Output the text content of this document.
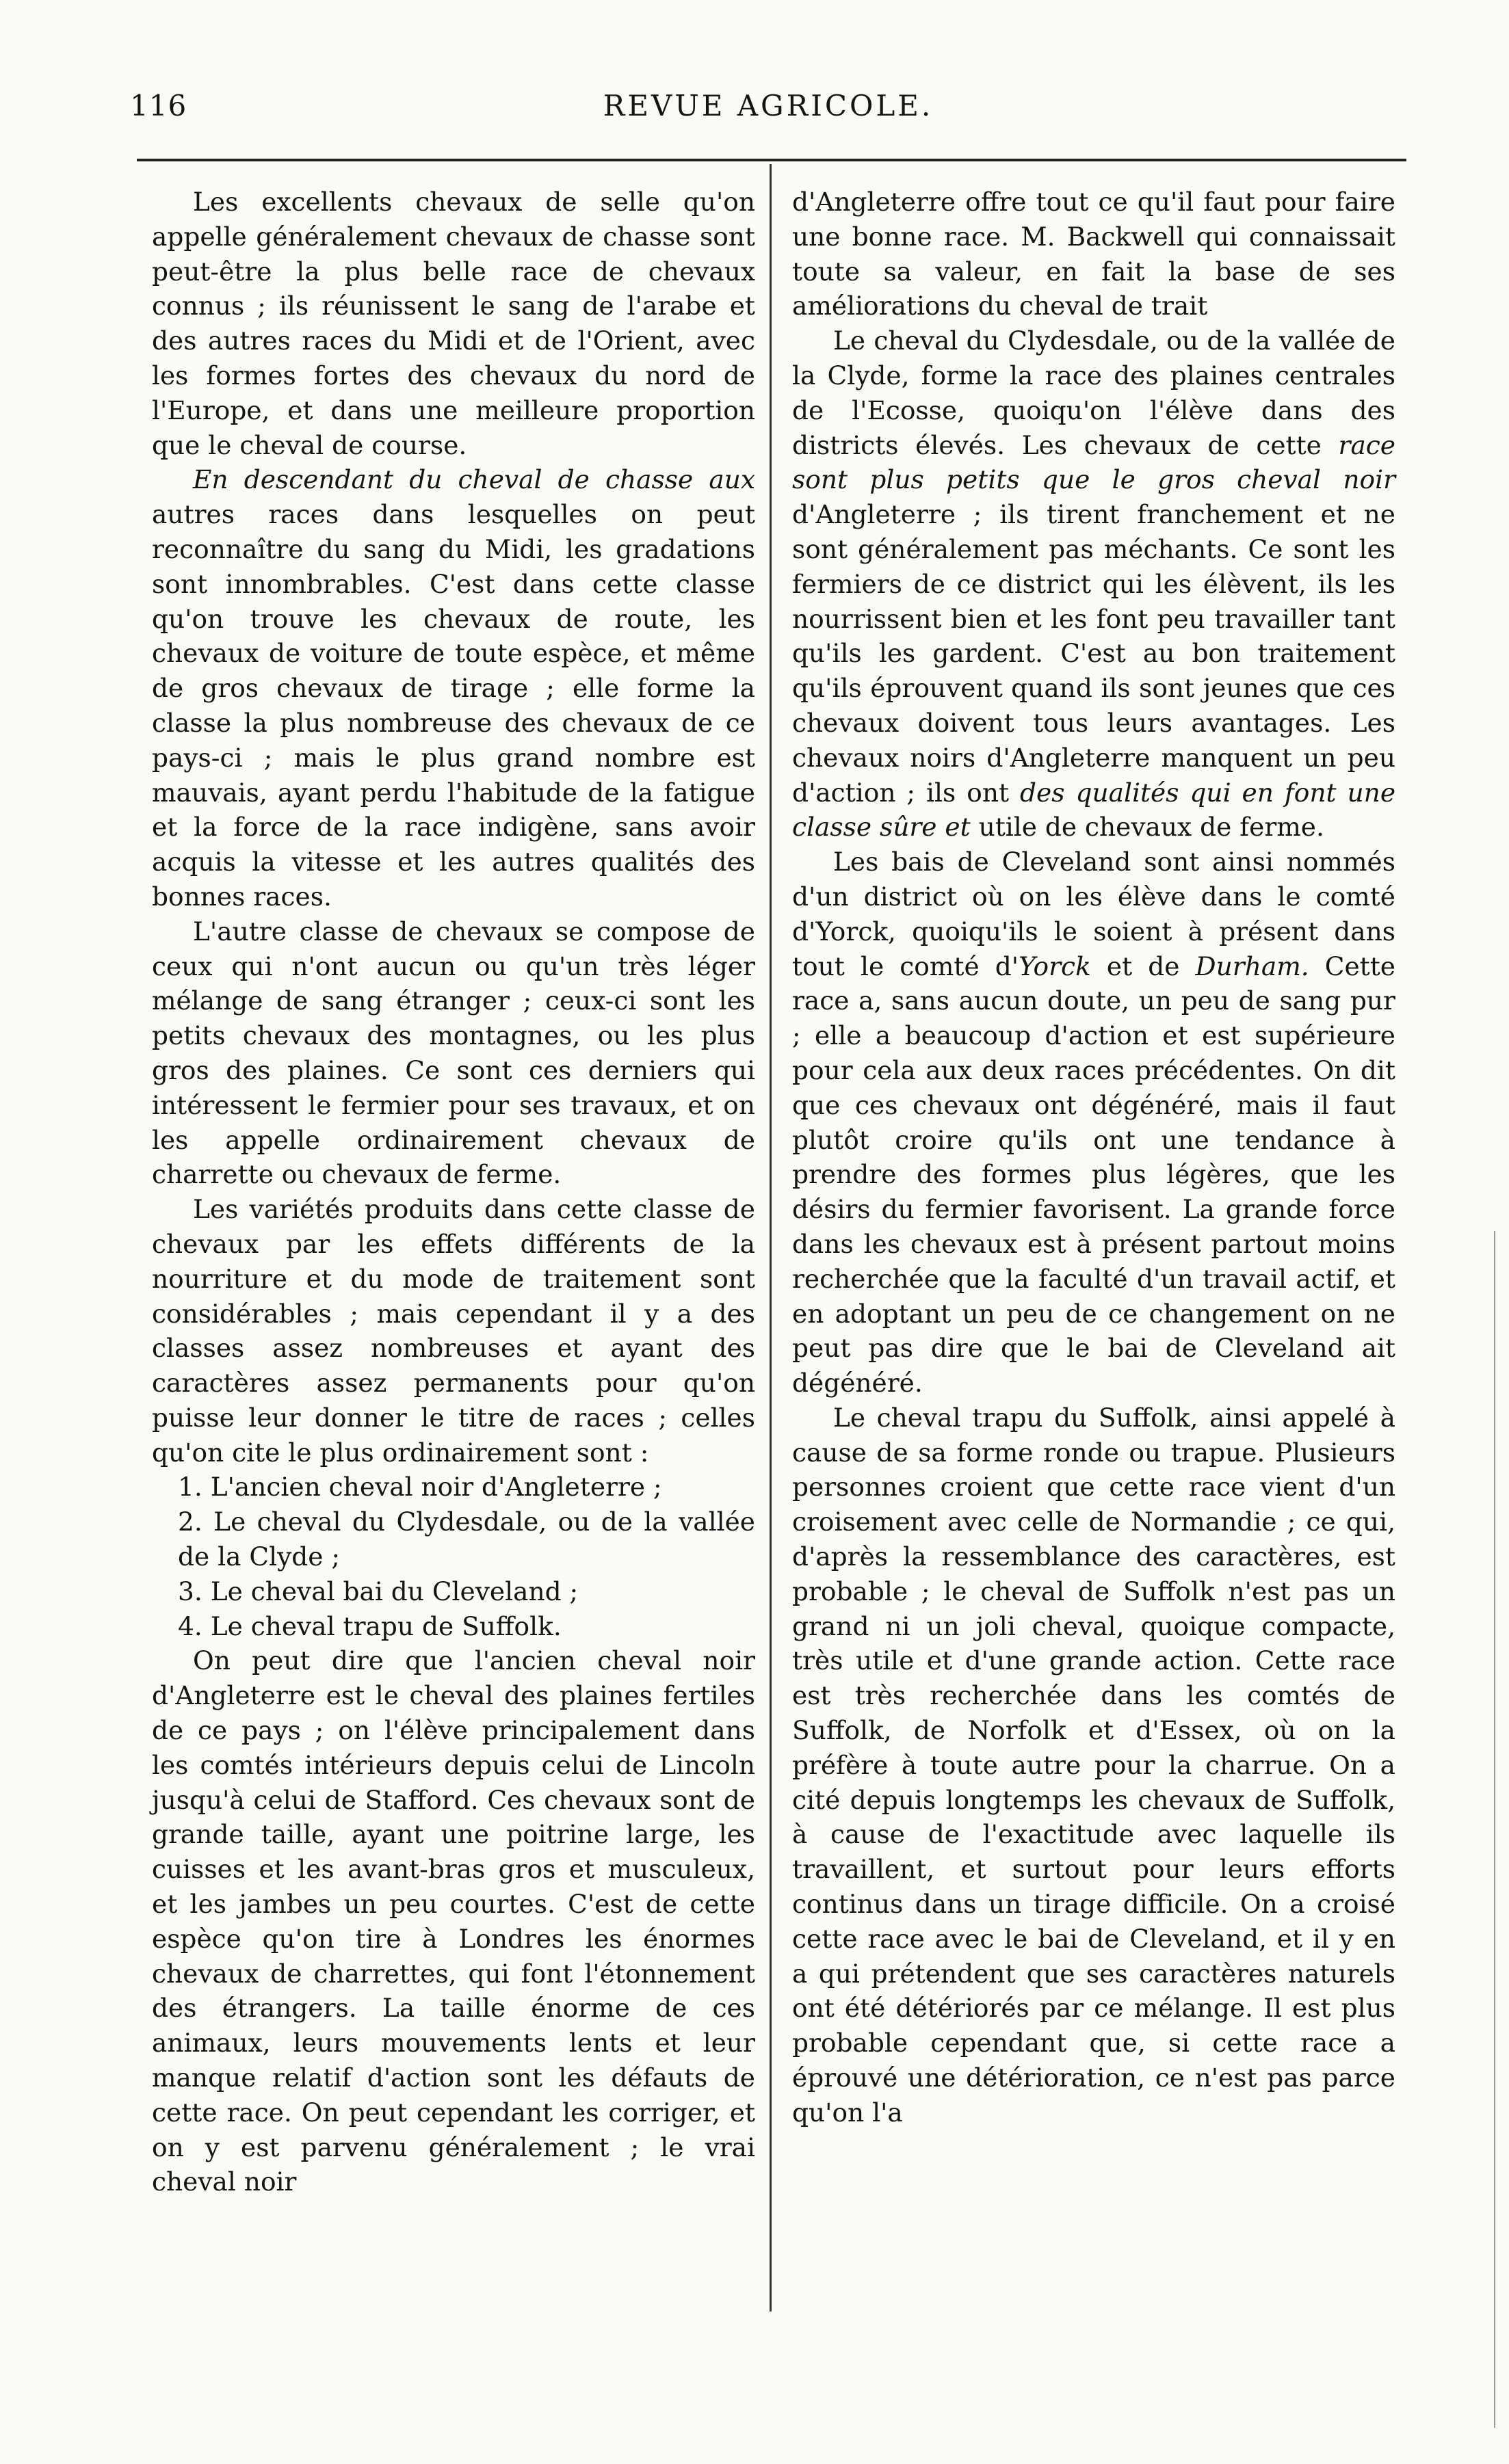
116	REVUE AGRICOLE.

Les excellents chevaux de selle qu'on appelle généralement chevaux de chasse sont peut-être la plus belle race de chevaux connus ; ils réunissent le sang de l'arabe et des autres races du Midi et de l'Orient, avec les formes fortes des chevaux du nord de l'Europe, et dans une meilleure proportion que le cheval de course.

En descendant du cheval de chasse aux autres races dans lesquelles on peut reconnaître du sang du Midi, les gradations sont innombrables. C'est dans cette classe qu'on trouve les chevaux de route, les chevaux de voiture de toute espèce, et même de gros chevaux de tirage ; elle forme la classe la plus nombreuse des chevaux de ce pays-ci ; mais le plus grand nombre est mauvais, ayant perdu l'habitude de la fatigue et la force de la race indigène, sans avoir acquis la vitesse et les autres qualités des bonnes races.

L'autre classe de chevaux se compose de ceux qui n'ont aucun ou qu'un très léger mélange de sang étranger ; ceux-ci sont les petits chevaux des montagnes, ou les plus gros des plaines. Ce sont ces derniers qui intéressent le fermier pour ses travaux, et on les appelle ordinairement chevaux de charrette ou chevaux de ferme.

Les variétés produits dans cette classe de chevaux par les effets différents de la nourriture et du mode de traitement sont considérables ; mais cependant il y a des classes assez nombreuses et ayant des caractères assez permanents pour qu'on puisse leur donner le titre de races ; celles qu'on cite le plus ordinairement sont :

1. L'ancien cheval noir d'Angleterre ;

2. Le cheval du Clydesdale, ou de la vallée de la Clyde ;

3. Le cheval bai du Cleveland ;

4. Le cheval trapu de Suffolk.

On peut dire que l'ancien cheval noir d'Angleterre est le cheval des plaines fertiles de ce pays ; on l'élève principalement dans les comtés intérieurs depuis celui de Lincoln jusqu'à celui de Stafford. Ces chevaux sont de grande taille, ayant une poitrine large, les cuisses et les avant-bras gros et musculeux, et les jambes un peu courtes. C'est de cette espèce qu'on tire à Londres les énormes chevaux de charrettes, qui font l'étonnement des étrangers. La taille énorme de ces animaux, leurs mouvements lents et leur manque relatif d'action sont les défauts de cette race. On peut cependant les corriger, et on y est parvenu généralement ; le vrai cheval noir

d'Angleterre offre tout ce qu'il faut pour faire une bonne race. M. Backwell qui connaissait toute sa valeur, en fait la base de ses améliorations du cheval de trait

Le cheval du Clydesdale, ou de la vallée de la Clyde, forme la race des plaines centrales de l'Ecosse, quoiqu'on l'élève dans des districts élevés. Les chevaux de cette race sont plus petits que le gros cheval noir d'Angleterre ; ils tirent franchement et ne sont généralement pas méchants. Ce sont les fermiers de ce district qui les élèvent, ils les nourrissent bien et les font peu travailler tant qu'ils les gardent. C'est au bon traitement qu'ils éprouvent quand ils sont jeunes que ces chevaux doivent tous leurs avantages. Les chevaux noirs d'Angleterre manquent un peu d'action ; ils ont des qualités qui en font une classe sûre et utile de chevaux de ferme.

Les bais de Cleveland sont ainsi nommés d'un district où on les élève dans le comté d'Yorck, quoiqu'ils le soient à présent dans tout le comté d'Yorck et de Durham. Cette race a, sans aucun doute, un peu de sang pur ; elle a beaucoup d'action et est supérieure pour cela aux deux races précédentes. On dit que ces chevaux ont dégénéré, mais il faut plutôt croire qu'ils ont une tendance à prendre des formes plus légères, que les désirs du fermier favorisent. La grande force dans les chevaux est à présent partout moins recherchée que la faculté d'un travail actif, et en adoptant un peu de ce changement on ne peut pas dire que le bai de Cleveland ait dégénéré.

Le cheval trapu du Suffolk, ainsi appelé à cause de sa forme ronde ou trapue. Plusieurs personnes croient que cette race vient d'un croisement avec celle de Normandie ; ce qui, d'après la ressemblance des caractères, est probable ; le cheval de Suffolk n'est pas un grand ni un joli cheval, quoique compacte, très utile et d'une grande action. Cette race est très recherchée dans les comtés de Suffolk, de Norfolk et d'Essex, où on la préfère à toute autre pour la charrue. On a cité depuis longtemps les chevaux de Suffolk, à cause de l'exactitude avec laquelle ils travaillent, et surtout pour leurs efforts continus dans un tirage difficile. On a croisé cette race avec le bai de Cleveland, et il y en a qui prétendent que ses caractères naturels ont été détériorés par ce mélange. Il est plus probable cependant que, si cette race a éprouvé une détérioration, ce n'est pas parce qu'on l'a
